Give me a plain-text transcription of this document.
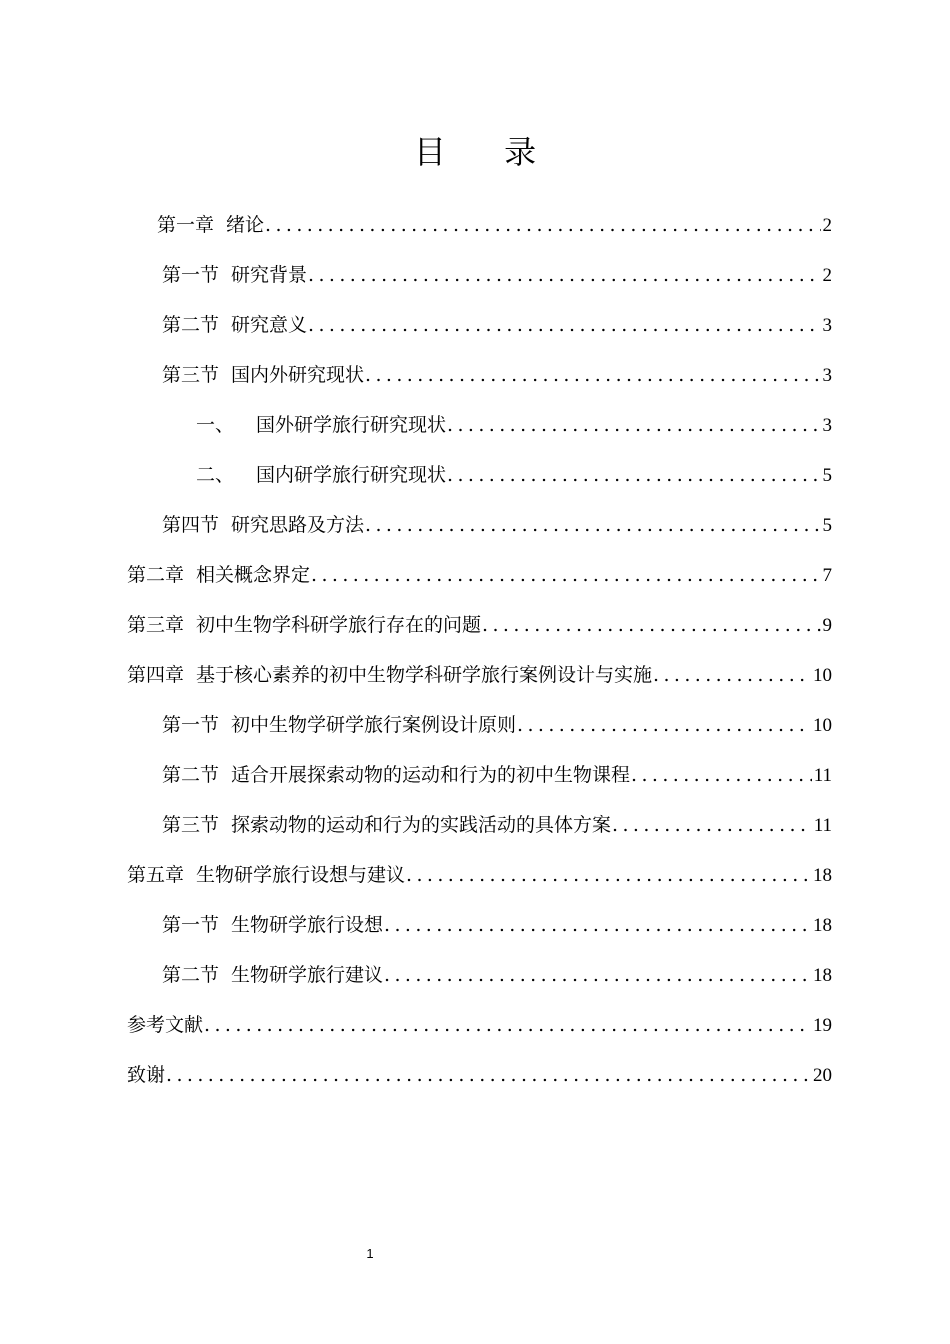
目 录
第一章 绪论 .....	2
第一节 研究背景 .....	2
第二节 研究意义 .....	3
第三节 国内外研究现状 .....	3
一、 国外研学旅行研究现状 .....	3
二、 国内研学旅行研究现状 .....	5
第四节 研究思路及方法 .....	5
第二章 相关概念界定 .....	7
第三章 初中生物学科研学旅行存在的问题 .....	9
第四章 基于核心素养的初中生物学科研学旅行案例设计与实施 .....	10
第一节 初中生物学研学旅行案例设计原则 .....	10
第二节 适合开展探索动物的运动和行为的初中生物课程 .....	11
第三节 探索动物的运动和行为的实践活动的具体方案 .....	11
第五章 生物研学旅行设想与建议 .....	18
第一节 生物研学旅行设想 .....	18
第二节 生物研学旅行建议 .....	18
参考文献 .....	19
致谢 .....	20
1
